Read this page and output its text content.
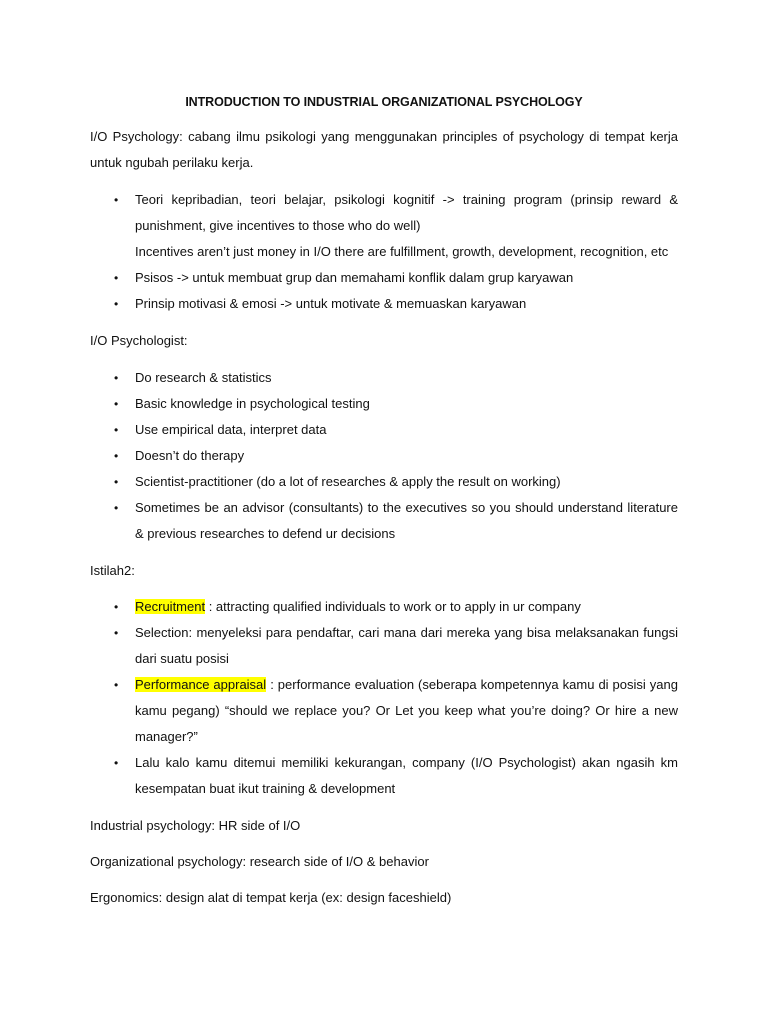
INTRODUCTION TO INDUSTRIAL ORGANIZATIONAL PSYCHOLOGY
I/O Psychology: cabang ilmu psikologi yang menggunakan principles of psychology di tempat kerja untuk ngubah perilaku kerja.
• Teori kepribadian, teori belajar, psikologi kognitif -> training program (prinsip reward & punishment, give incentives to those who do well)
Incentives aren’t just money in I/O there are fulfillment, growth, development, recognition, etc
• Psisos -> untuk membuat grup dan memahami konflik dalam grup karyawan
• Prinsip motivasi & emosi -> untuk motivate & memuaskan karyawan
I/O Psychologist:
• Do research & statistics
• Basic knowledge in psychological testing
• Use empirical data, interpret data
• Doesn’t do therapy
• Scientist-practitioner (do a lot of researches & apply the result on working)
• Sometimes be an advisor (consultants) to the executives so you should understand literature & previous researches to defend ur decisions
Istilah2:
• Recruitment : attracting qualified individuals to work or to apply in ur company
• Selection: menyeleksi para pendaftar, cari mana dari mereka yang bisa melaksanakan fungsi dari suatu posisi
• Performance appraisal : performance evaluation (seberapa kompetennya kamu di posisi yang kamu pegang) “should we replace you? Or Let you keep what you’re doing? Or hire a new manager?”
• Lalu kalo kamu ditemui memiliki kekurangan, company (I/O Psychologist) akan ngasih km kesempatan buat ikut training & development
Industrial psychology: HR side of I/O
Organizational psychology: research side of I/O & behavior
Ergonomics: design alat di tempat kerja (ex: design faceshield)
